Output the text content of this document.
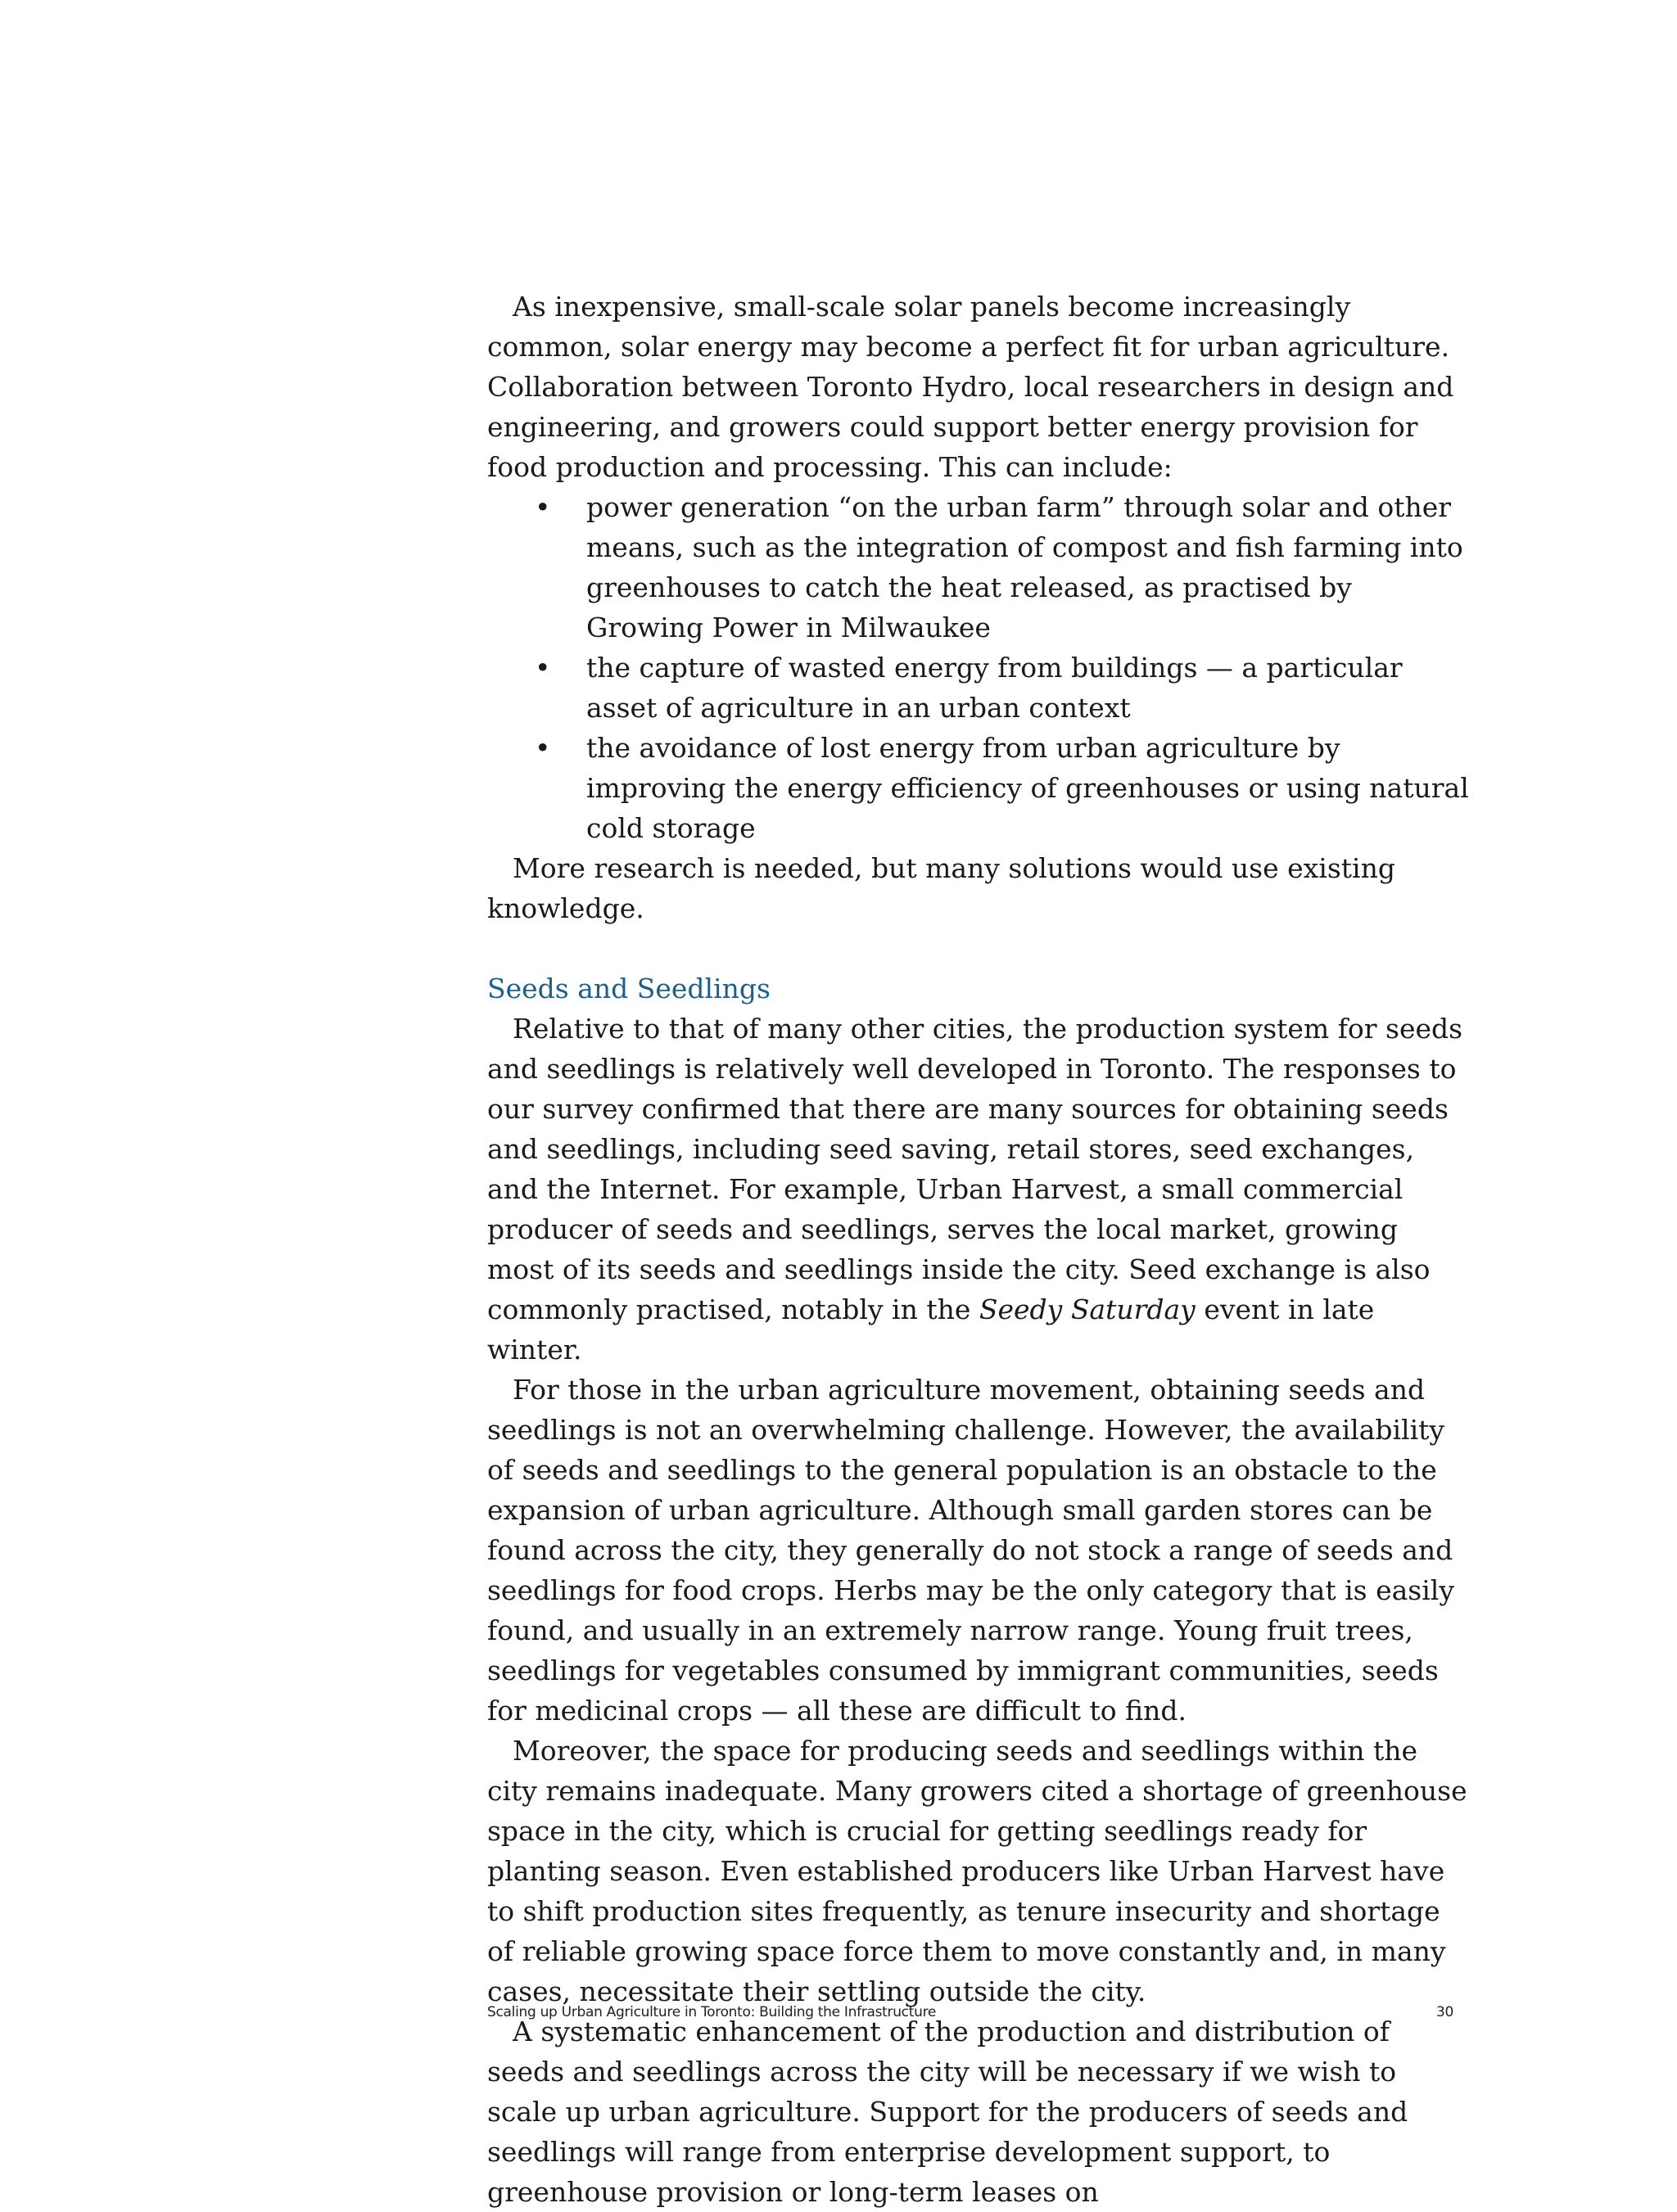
As inexpensive, small-scale solar panels become increasingly common, solar energy may become a perfect fit for urban agriculture. Collaboration between Toronto Hydro, local researchers in design and engineering, and growers could support better energy provision for food production and processing. This can include:

• power generation “on the urban farm” through solar and other means, such as the integration of compost and fish farming into greenhouses to catch the heat released, as practised by Growing Power in Milwaukee
• the capture of wasted energy from buildings — a particular asset of agriculture in an urban context
• the avoidance of lost energy from urban agriculture by improving the energy efficiency of greenhouses or using natural cold storage

More research is needed, but many solutions would use existing knowledge.

Seeds and Seedlings

Relative to that of many other cities, the production system for seeds and seedlings is relatively well developed in Toronto. The responses to our survey confirmed that there are many sources for obtaining seeds and seedlings, including seed saving, retail stores, seed exchanges, and the Internet. For example, Urban Harvest, a small commercial producer of seeds and seedlings, serves the local market, growing most of its seeds and seedlings inside the city. Seed exchange is also commonly practised, notably in the Seedy Saturday event in late winter.

For those in the urban agriculture movement, obtaining seeds and seedlings is not an overwhelming challenge. However, the availability of seeds and seedlings to the general population is an obstacle to the expansion of urban agriculture. Although small garden stores can be found across the city, they generally do not stock a range of seeds and seedlings for food crops. Herbs may be the only category that is easily found, and usually in an extremely narrow range. Young fruit trees, seedlings for vegetables consumed by immigrant communities, seeds for medicinal crops — all these are difficult to find.

Moreover, the space for producing seeds and seedlings within the city remains inadequate. Many growers cited a shortage of greenhouse space in the city, which is crucial for getting seedlings ready for planting season. Even established producers like Urban Harvest have to shift production sites frequently, as tenure insecurity and shortage of reliable growing space force them to move constantly and, in many cases, necessitate their settling outside the city.

A systematic enhancement of the production and distribution of seeds and seedlings across the city will be necessary if we wish to scale up urban agriculture. Support for the producers of seeds and seedlings will range from enterprise development support, to greenhouse provision or long-term leases on

Scaling up Urban Agriculture in Toronto: Building the Infrastructure	30
